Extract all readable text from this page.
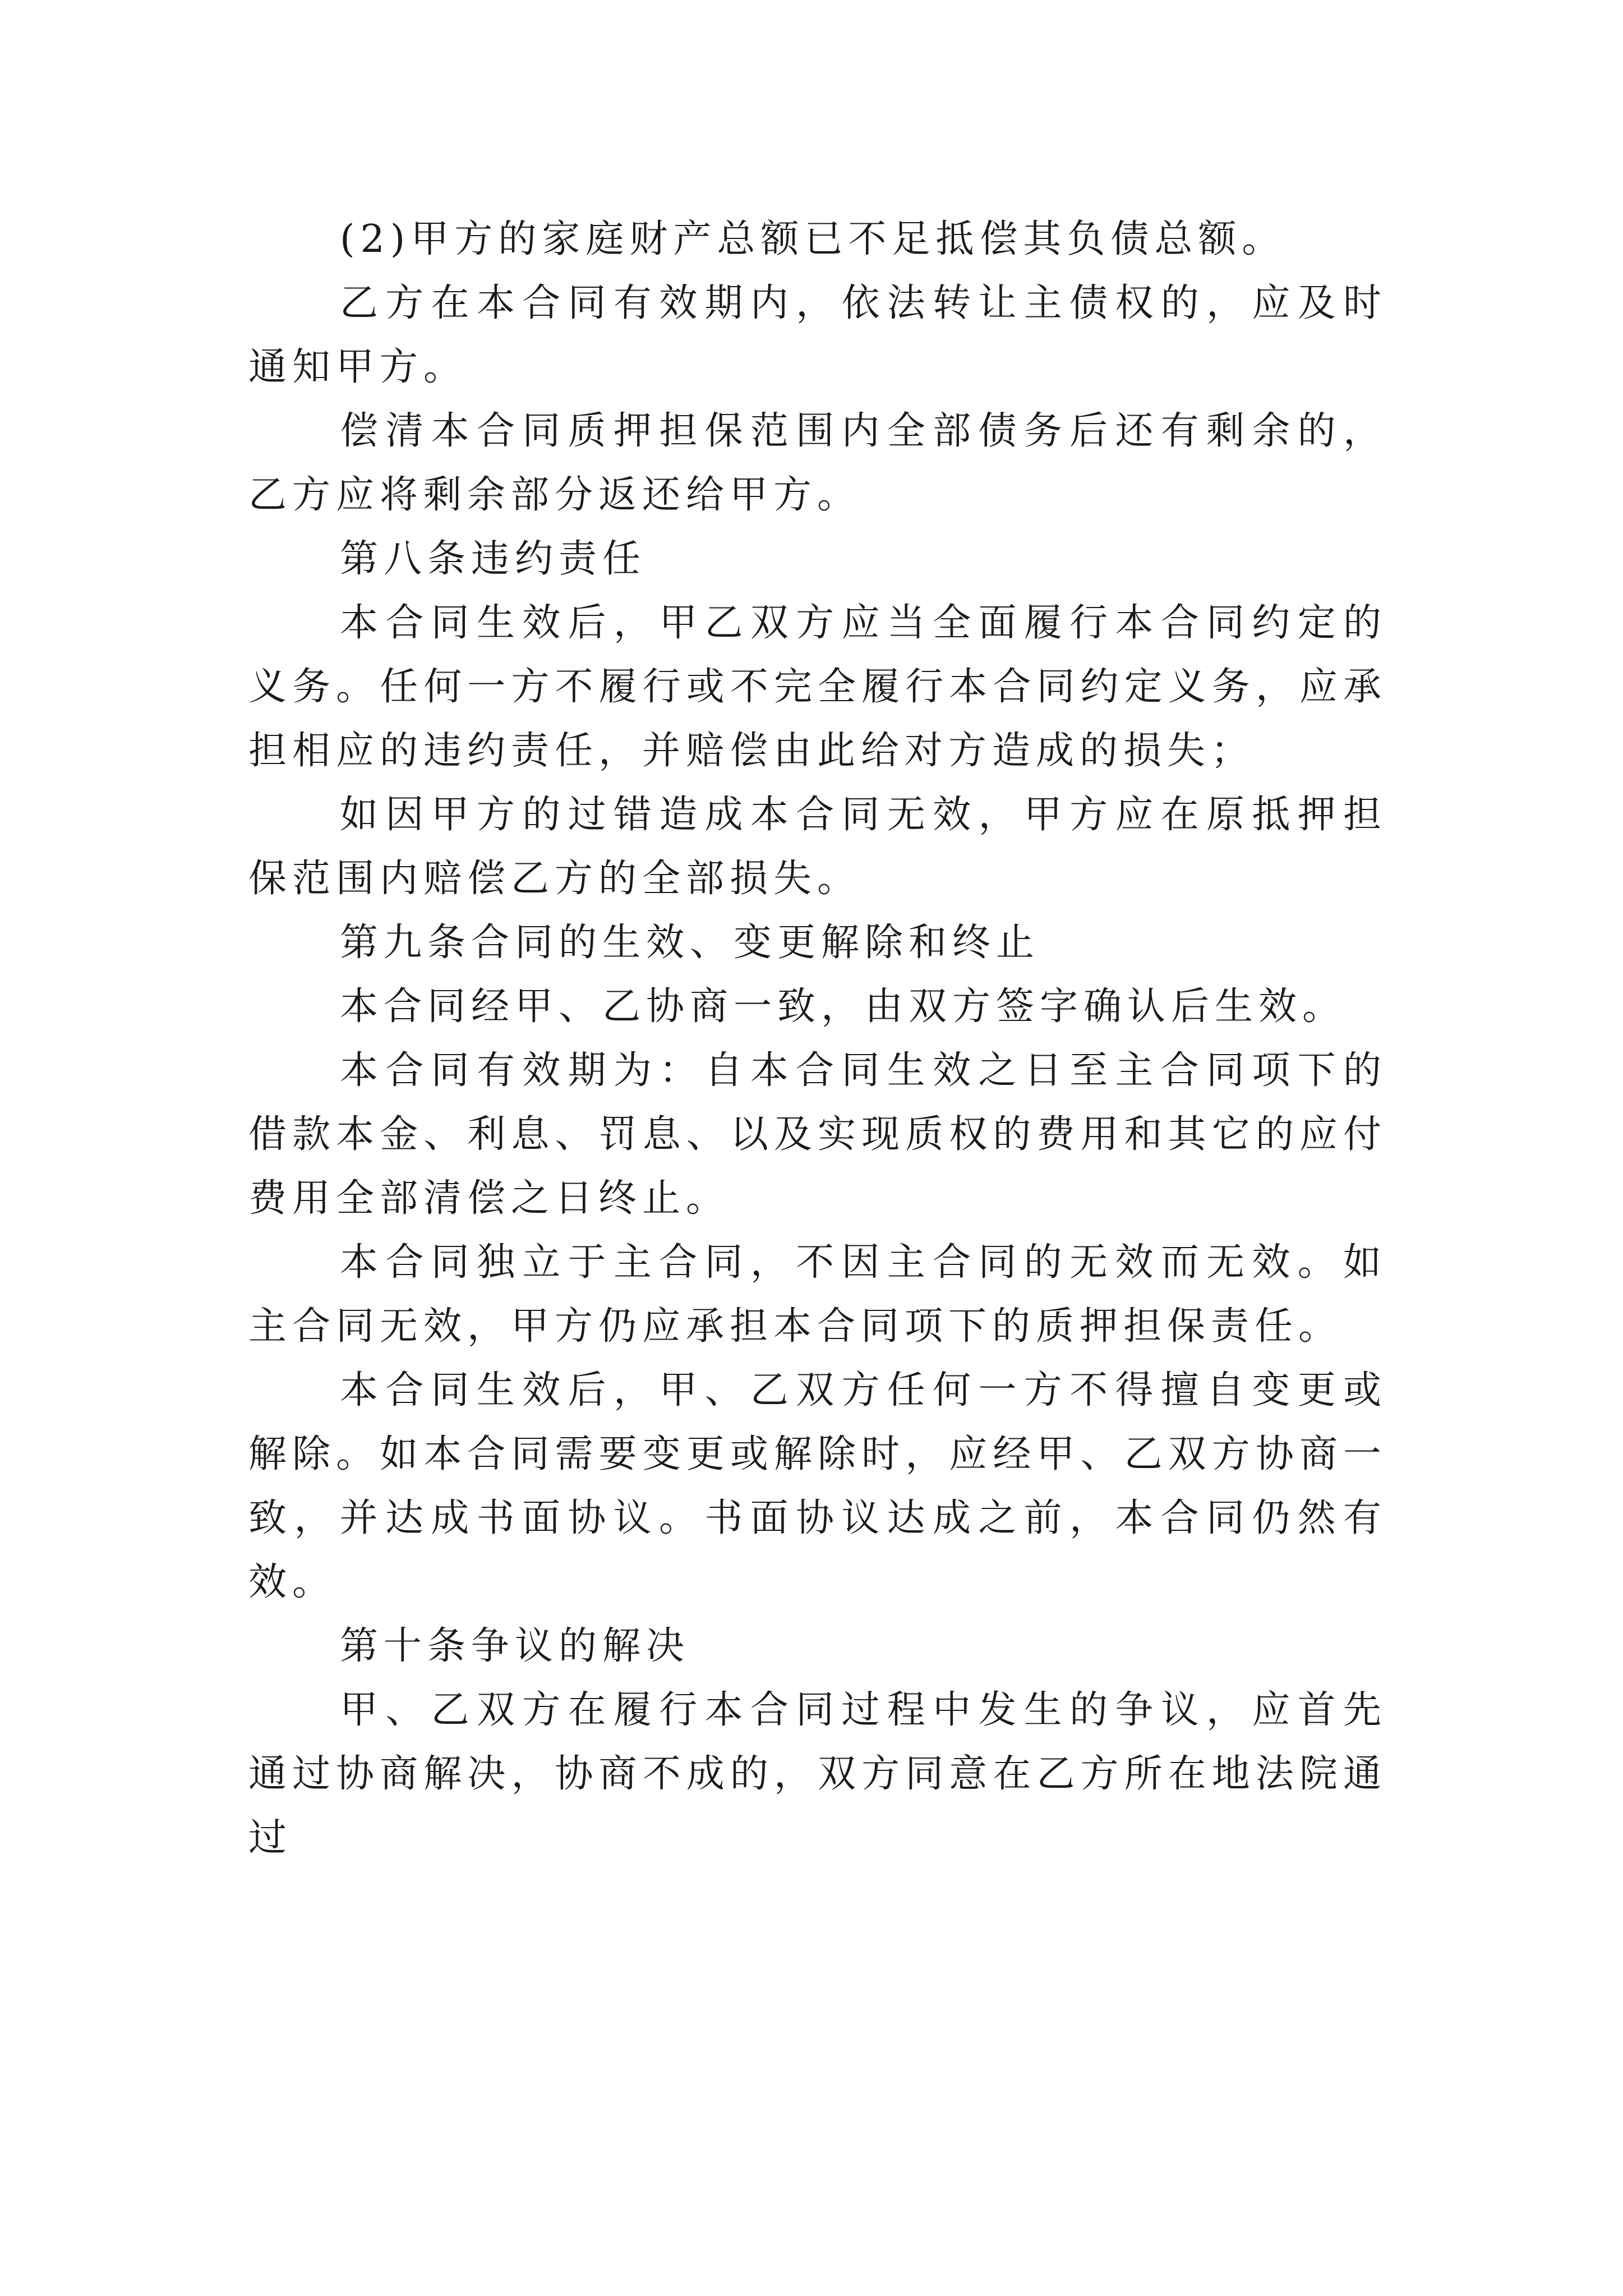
(2)甲方的家庭财产总额已不足抵偿其负债总额。

乙方在本合同有效期内，依法转让主债权的，应及时通知甲方。

偿清本合同质押担保范围内全部债务后还有剩余的，乙方应将剩余部分返还给甲方。

第八条违约责任

本合同生效后，甲乙双方应当全面履行本合同约定的义务。任何一方不履行或不完全履行本合同约定义务，应承担相应的违约责任，并赔偿由此给对方造成的损失；

如因甲方的过错造成本合同无效，甲方应在原抵押担保范围内赔偿乙方的全部损失。

第九条合同的生效、变更解除和终止

本合同经甲、乙协商一致，由双方签字确认后生效。

本合同有效期为：自本合同生效之日至主合同项下的借款本金、利息、罚息、以及实现质权的费用和其它的应付费用全部清偿之日终止。

本合同独立于主合同，不因主合同的无效而无效。如主合同无效，甲方仍应承担本合同项下的质押担保责任。

本合同生效后，甲、乙双方任何一方不得擅自变更或解除。如本合同需要变更或解除时，应经甲、乙双方协商一致，并达成书面协议。书面协议达成之前，本合同仍然有效。

第十条争议的解决

甲、乙双方在履行本合同过程中发生的争议，应首先通过协商解决，协商不成的，双方同意在乙方所在地法院通过
